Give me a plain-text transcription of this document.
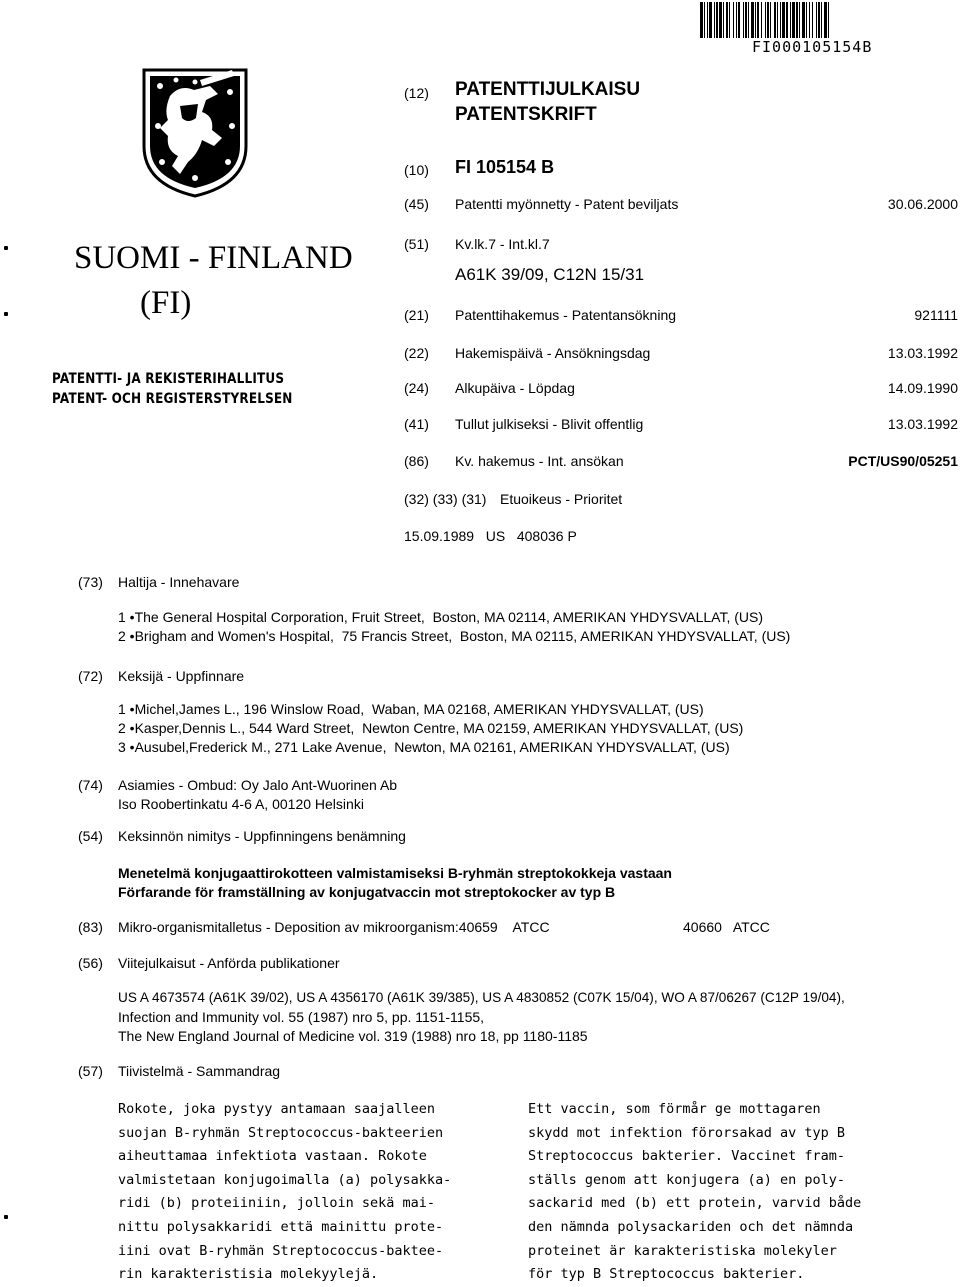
FI000105154B
SUOMI - FINLAND
(FI)
PATENTTI- JA REKISTERIHALLITUS
PATENT- OCH REGISTERSTYRELSEN
(12) PATENTTIJULKAISU
PATENTSKRIFT
(10) FI 105154 B
(45) Patentti myönnetty - Patent beviljats	30.06.2000
(51) Kv.lk.7 - Int.kl.7
A61K 39/09, C12N 15/31
(21) Patenttihakemus - Patentansökning	921111
(22) Hakemispäivä - Ansökningsdag	13.03.1992
(24) Alkupäiva - Löpdag	14.09.1990
(41) Tullut julkiseksi - Blivit offentlig	13.03.1992
(86) Kv. hakemus - Int. ansökan	PCT/US90/05251
(32) (33) (31) Etuoikeus - Prioritet
15.09.1989   US   408036 P
(73) Haltija - Innehavare
1 •The General Hospital Corporation, Fruit Street,  Boston, MA 02114, AMERIKAN YHDYSVALLAT, (US)
2 •Brigham and Women's Hospital,  75 Francis Street,  Boston, MA 02115, AMERIKAN YHDYSVALLAT, (US)
(72) Keksijä - Uppfinnare
1 •Michel,James L., 196 Winslow Road,  Waban, MA 02168, AMERIKAN YHDYSVALLAT, (US)
2 •Kasper,Dennis L., 544 Ward Street,  Newton Centre, MA 02159, AMERIKAN YHDYSVALLAT, (US)
3 •Ausubel,Frederick M., 271 Lake Avenue,  Newton, MA 02161, AMERIKAN YHDYSVALLAT, (US)
(74) Asiamies - Ombud: Oy Jalo Ant-Wuorinen Ab
Iso Roobertinkatu 4-6 A, 00120 Helsinki
(54) Keksinnön nimitys - Uppfinningens benämning
Menetelmä konjugaattirokotteen valmistamiseksi B-ryhmän streptokokkeja vastaan
Förfarande för framställning av konjugatvaccin mot streptokocker av typ B
(83) Mikro-organismitalletus - Deposition av mikroorganism:40659    ATCC	40660   ATCC
(56) Viitejulkaisut - Anförda publikationer
US A 4673574 (A61K 39/02), US A 4356170 (A61K 39/385), US A 4830852 (C07K 15/04), WO A 87/06267 (C12P 19/04),
Infection and Immunity vol. 55 (1987) nro 5, pp. 1151-1155,
The New England Journal of Medicine vol. 319 (1988) nro 18, pp 1180-1185
(57) Tiivistelmä - Sammandrag
Rokote, joka pystyy antamaan saajalleen
suojan B-ryhmän Streptococcus-bakteerien
aiheuttamaa infektiota vastaan. Rokote
valmistetaan konjugoimalla (a) polysakka-
ridi (b) proteiiniin, jolloin sekä mai-
nittu polysakkaridi että mainittu prote-
iini ovat B-ryhmän Streptococcus-baktee-
rin karakteristisia molekyylejä.
Ett vaccin, som förmår ge mottagaren
skydd mot infektion förorsakad av typ B
Streptococcus bakterier. Vaccinet fram-
ställs genom att konjugera (a) en poly-
sackarid med (b) ett protein, varvid både
den nämnda polysackariden och det nämnda
proteinet är karakteristiska molekyler
för typ B Streptococcus bakterier.
